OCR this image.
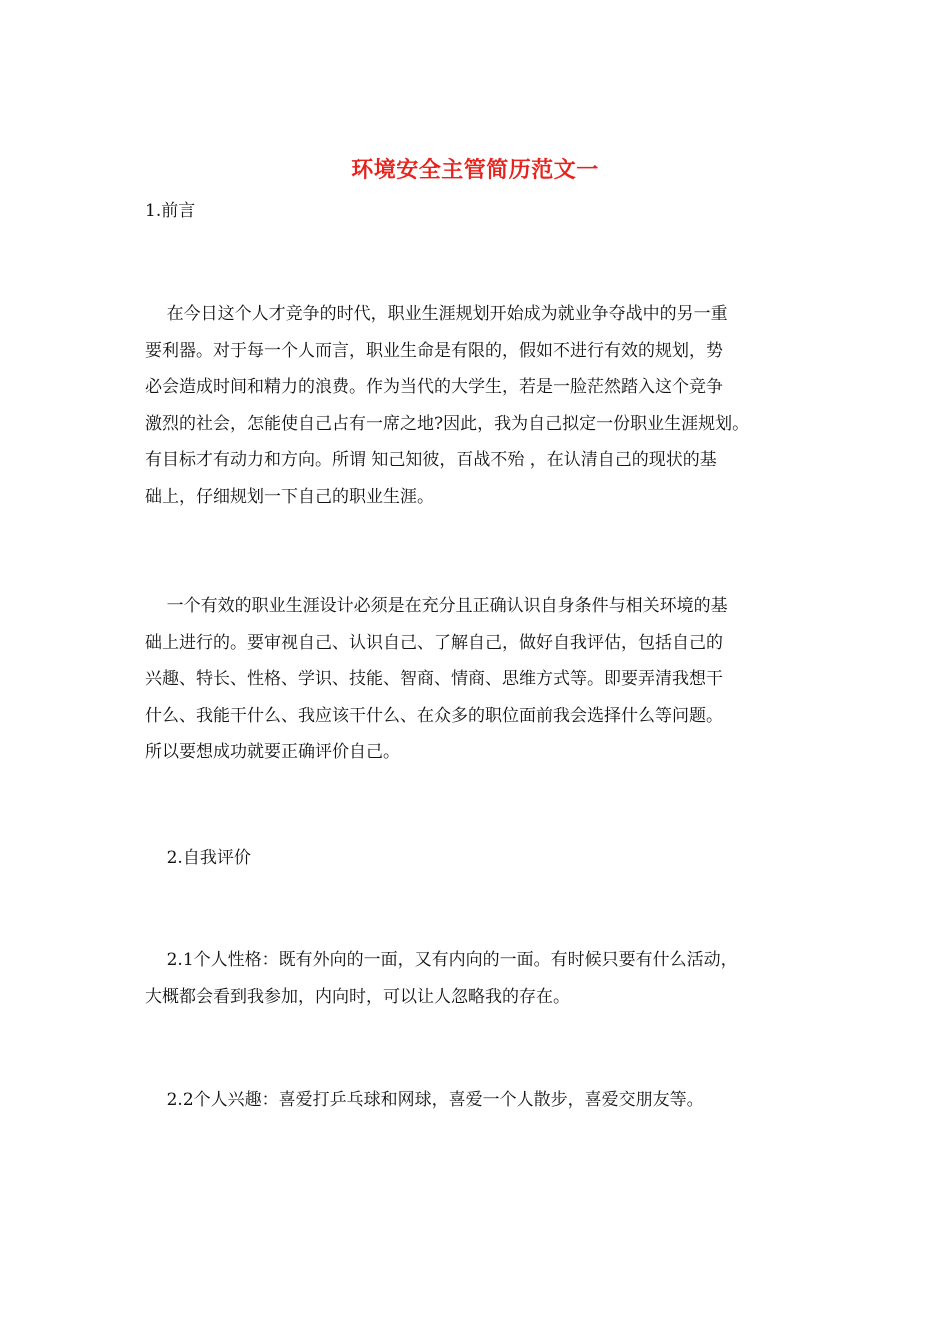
环境安全主管简历范文一
1.前言
在今日这个人才竞争的时代，职业生涯规划开始成为就业争夺战中的另一重
要利器。对于每一个人而言，职业生命是有限的，假如不进行有效的规划，势
必会造成时间和精力的浪费。作为当代的大学生，若是一脸茫然踏入这个竞争
激烈的社会，怎能使自己占有一席之地?因此，我为自己拟定一份职业生涯规划。
有目标才有动力和方向。所谓 知己知彼，百战不殆 ，在认清自己的现状的基
础上，仔细规划一下自己的职业生涯。
一个有效的职业生涯设计必须是在充分且正确认识自身条件与相关环境的基
础上进行的。要审视自己、认识自己、了解自己，做好自我评估，包括自己的
兴趣、特长、性格、学识、技能、智商、情商、思维方式等。即要弄清我想干
什么、我能干什么、我应该干什么、在众多的职位面前我会选择什么等问题。
所以要想成功就要正确评价自己。
2.自我评价
2.1个人性格：既有外向的一面，又有内向的一面。有时候只要有什么活动，
大概都会看到我参加，内向时，可以让人忽略我的存在。
2.2个人兴趣：喜爱打乒乓球和网球，喜爱一个人散步，喜爱交朋友等。
